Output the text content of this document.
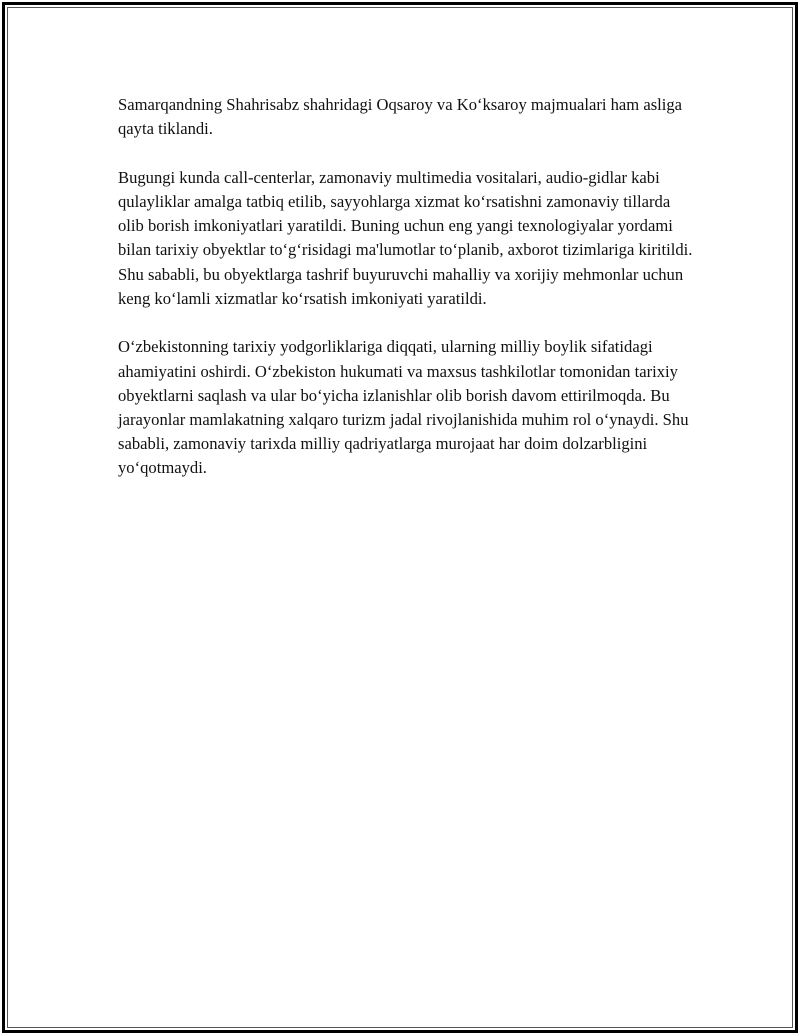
Samarqandning Shahrisabz shahridagi Oqsaroy va Ko‘ksaroy majmualari ham asliga qayta tiklandi.

Bugungi kunda call-centerlar, zamonaviy multimedia vositalari, audio-gidlar kabi qulayliklar amalga tatbiq etilib, sayyohlarga xizmat ko‘rsatishni zamonaviy tillarda olib borish imkoniyatlari yaratildi. Buning uchun eng yangi texnologiyalar yordami bilan tarixiy obyektlar to‘g‘risidagi ma'lumotlar to‘planib, axborot tizimlariga kiritildi. Shu sababli, bu obyektlarga tashrif buyuruvchi mahalliy va xorijiy mehmonlar uchun keng ko‘lamli xizmatlar ko‘rsatish imkoniyati yaratildi.

O‘zbekistonning tarixiy yodgorliklariga diqqati, ularning milliy boylik sifatidagi ahamiyatini oshirdi. O‘zbekiston hukumati va maxsus tashkilotlar tomonidan tarixiy obyektlarni saqlash va ular bo‘yicha izlanishlar olib borish davom ettirilmoqda. Bu jarayonlar mamlakatning xalqaro turizm jadal rivojlanishida muhim rol o‘ynaydi. Shu sababli, zamonaviy tarixda milliy qadriyatlarga murojaat har doim dolzarbligini yo‘qotmaydi.
